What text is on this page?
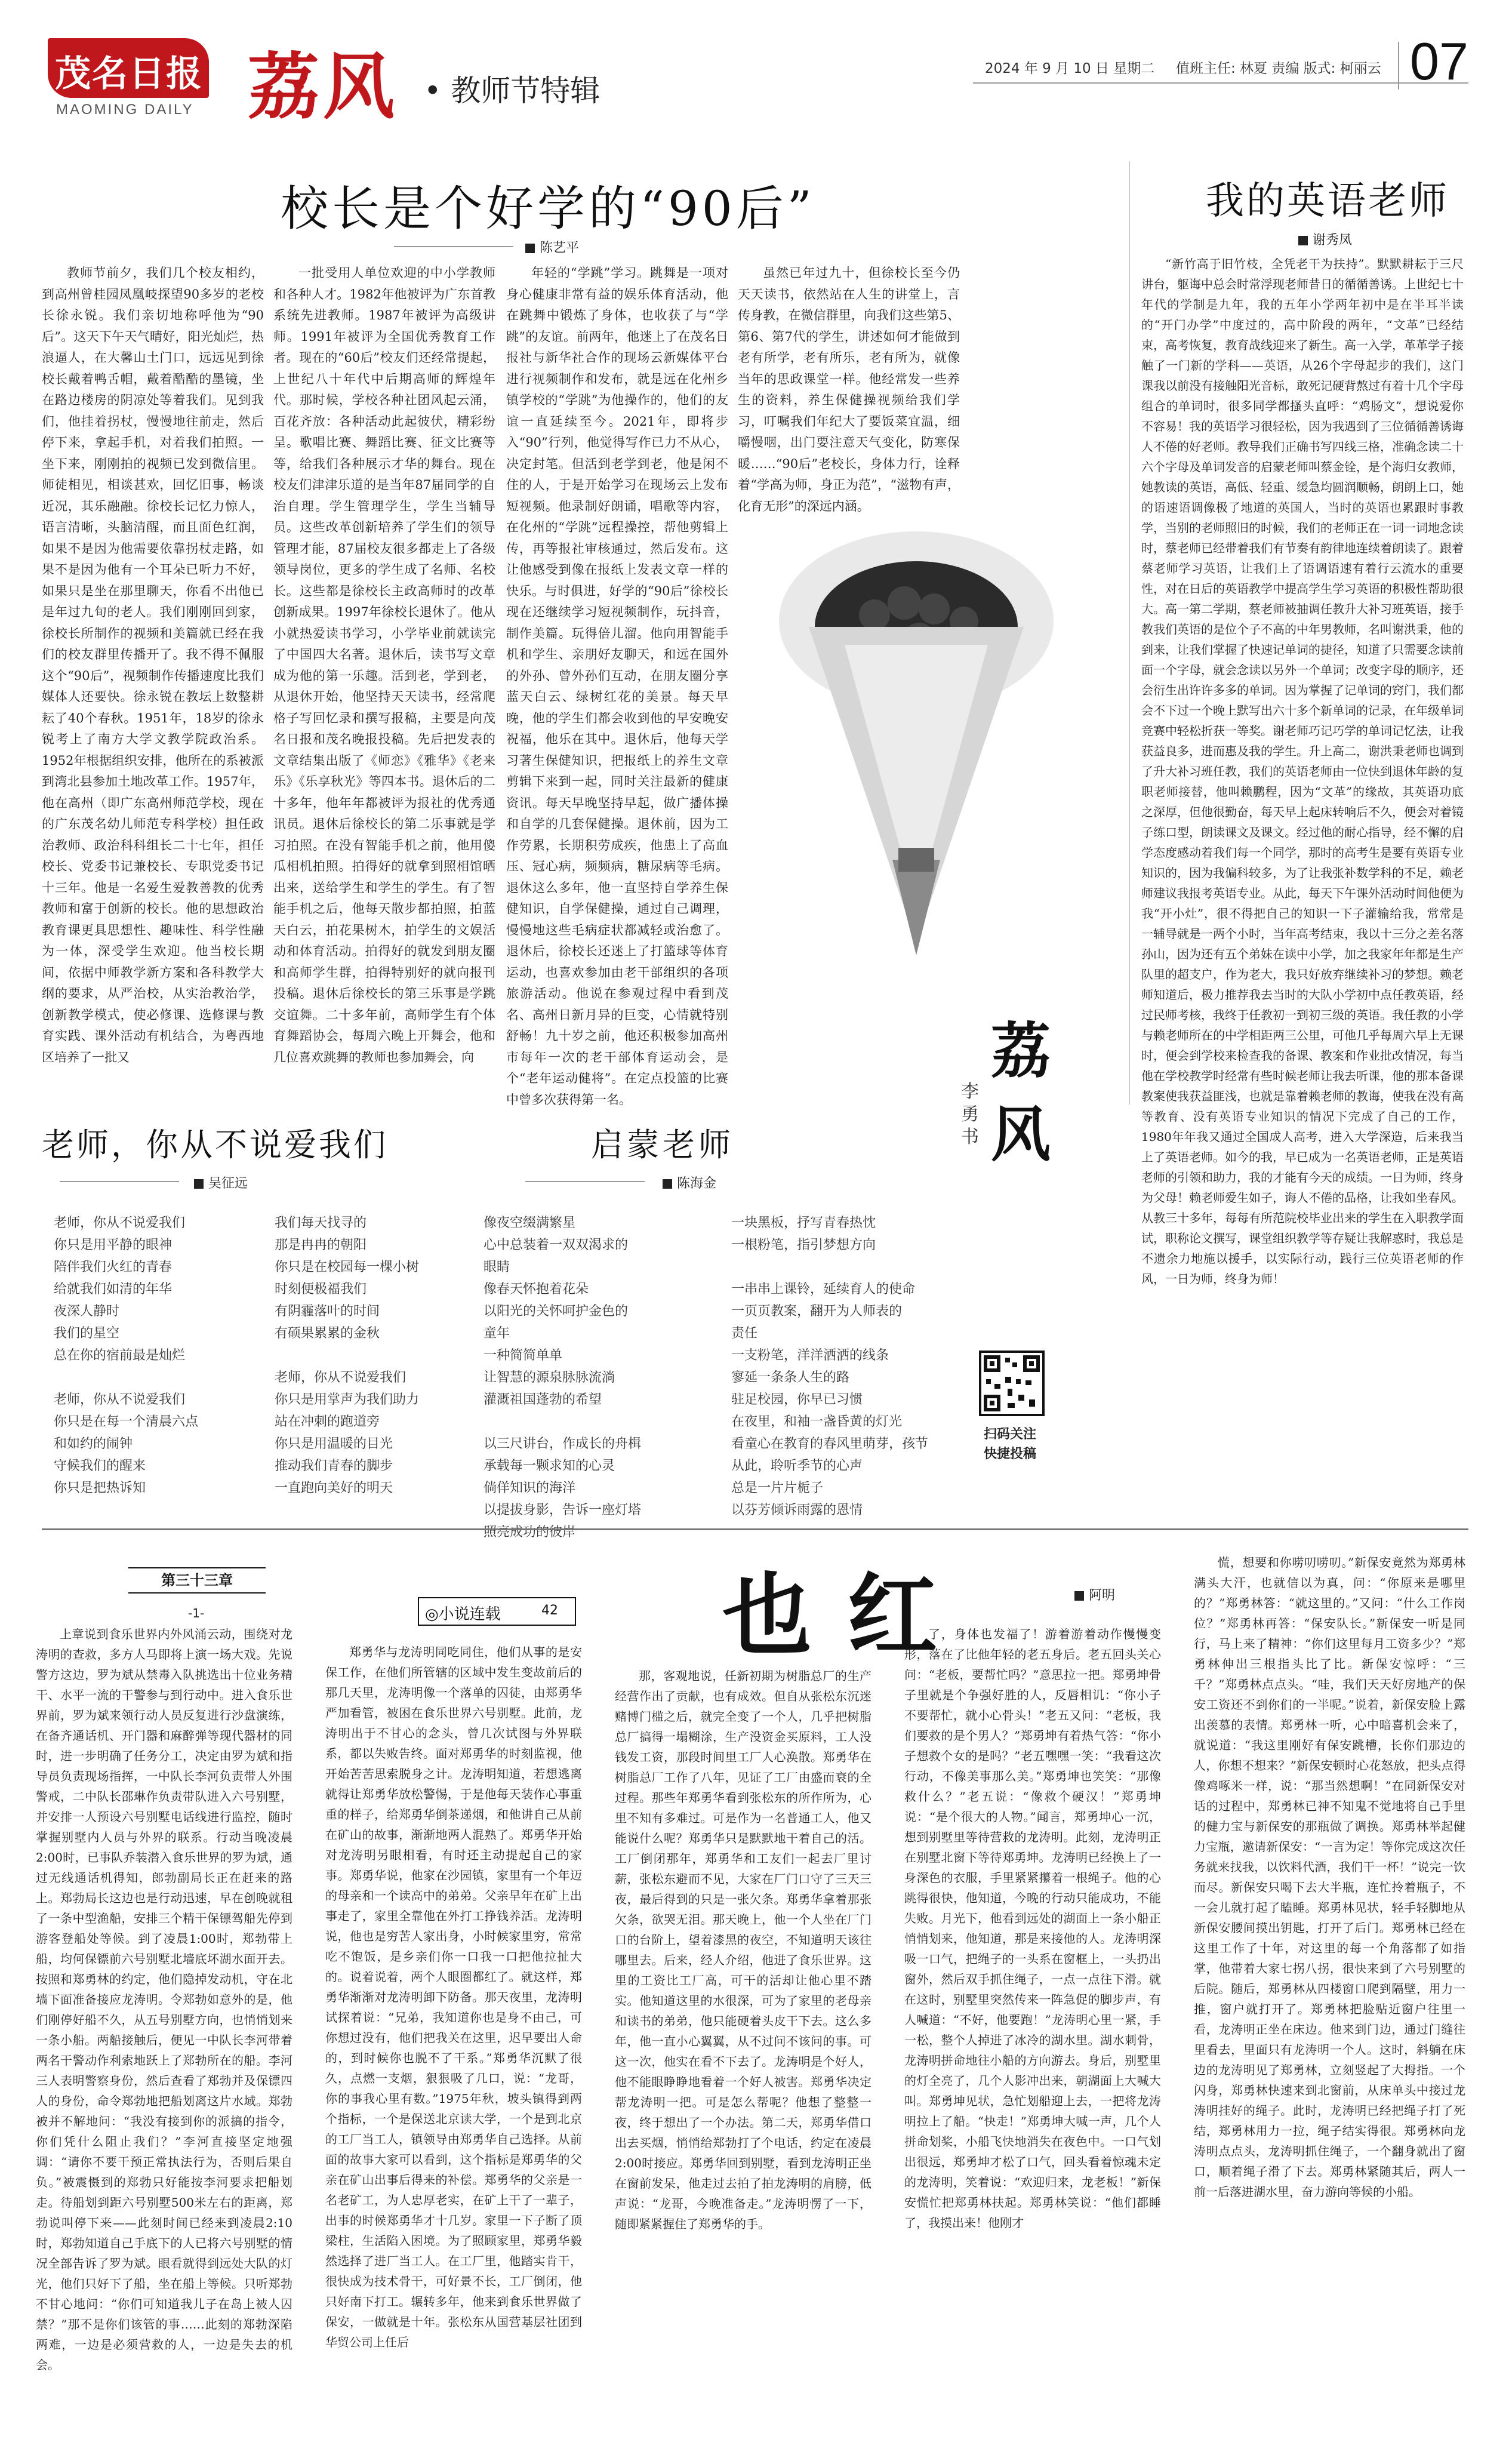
茂名日报
MAOMING DAILY 荔风 • 教师节特辑
2024 年 9 月 10 日 星期二 值班主任: 林夏 责编 版式: 柯丽云 07
校长是个好学的“90后”
陈艺平
教师节前夕，我们几个校友相约，到高州曾桂园凤凰岐探望90多岁的老校长徐永锐。我们亲切地称呼他为“90后”。这天下午天气晴好，阳光灿烂，热浪逼人，在大馨山土门口，远远见到徐校长戴着鸭舌帽，戴着酷酷的墨镜，坐在路边楼房的阴凉处等着我们。见到我们，他挂着拐杖，慢慢地往前走，然后停下来，拿起手机，对着我们拍照。一坐下来，刚刚拍的视频已发到微信里。师徒相见，相谈甚欢，回忆旧事，畅谈近况，其乐融融。徐校长记忆力惊人，语言清晰，头脑清醒，而且面色红润，如果不是因为他需要依靠拐杖走路，如果不是因为他有一个耳朵已听力不好，如果只是坐在那里聊天，你看不出他已是年过九旬的老人。我们刚刚回到家，徐校长所制作的视频和美篇就已经在我们的校友群里传播开了。我不得不佩服这个“90后”，视频制作传播速度比我们媒体人还要快。徐永锐在教坛上数整耕耘了40个春秋。1951年，18岁的徐永锐考上了南方大学文教学院政治系。1952年根据组织安排，他所在的系被派到湾北县参加土地改革工作。1957年，他在高州（即广东高州师范学校，现在的广东茂名幼儿师范专科学校）担任政治教师、政治科科组长二十七年，担任校长、党委书记兼校长、专职党委书记十三年。他是一名爱生爱教善教的优秀教师和富于创新的校长。他的思想政治教育课更具思想性、趣味性、科学性融为一体，深受学生欢迎。他当校长期间，依据中师教学新方案和各科教学大纲的要求，从严治校，从实治教治学，创新教学模式，使必修课、选修课与教育实践、课外活动有机结合，为粤西地区培养了一批又
一批受用人单位欢迎的中小学教师和各种人才。1982年他被评为广东首教系统先进教师。1987年被评为高级讲师。1991年被评为全国优秀教育工作者。现在的“60后”校友们还经常提起，上世纪八十年代中后期高师的辉煌年代。那时候，学校各种社团风起云涌，百花齐放：各种活动此起彼伏，精彩纷呈。歌唱比赛、舞蹈比赛、征文比赛等等，给我们各种展示才华的舞台。现在校友们津津乐道的是当年87届同学的自治自理。学生管理学生，学生当辅导员。这些改革创新培养了学生们的领导管理才能，87届校友很多都走上了各级领导岗位，更多的学生成了名师、名校长。这些都是徐校长主政高师时的改革创新成果。1997年徐校长退休了。他从小就热爱读书学习，小学毕业前就读完了中国四大名著。退休后，读书写文章成为他的第一乐趣。活到老，学到老，从退休开始，他坚持天天读书，经常爬格子写回忆录和撰写报稿，主要是向茂名日报和茂名晚报投稿。先后把发表的文章结集出版了《师恋》《雅华》《老来乐》《乐享秋光》等四本书。退休后的二十多年，他年年都被评为报社的优秀通讯员。退休后徐校长的第二乐事就是学习拍照。在没有智能手机之前，他用傻瓜相机拍照。拍得好的就拿到照相馆晒出来，送给学生和学生的学生。有了智能手机之后，他每天散步都拍照，拍蓝天白云，拍花果树木，拍学生的文娱活动和体育活动。拍得好的就发到朋友圈和高师学生群，拍得特别好的就向报刊投稿。退休后徐校长的第三乐事是学跳交谊舞。二十多年前，高师学生有个体育舞蹈协会，每周六晚上开舞会，他和几位喜欢跳舞的教师也参加舞会，向
年轻的“学跳”学习。跳舞是一项对身心健康非常有益的娱乐体育活动，他在跳舞中锻炼了身体，也收获了与“学跳”的友谊。前两年，他迷上了在茂名日报社与新华社合作的现场云新媒体平台进行视频制作和发布，就是远在化州乡镇学校的“学跳”为他操作的，他们的友谊一直延续至今。2021年，即将步入“90”行列，他觉得写作已力不从心，决定封笔。但活到老学到老，他是闲不住的人，于是开始学习在现场云上发布短视频。他录制好朗诵，唱歌等内容，在化州的“学跳”远程操控，帮他剪辑上传，再等报社审核通过，然后发布。这让他感受到像在报纸上发表文章一样的快乐。与时俱进，好学的“90后”徐校长现在还继续学习短视频制作，玩抖音，制作美篇。玩得倍儿溜。他向用智能手机和学生、亲朋好友聊天，和远在国外的外孙、曾外孙们互动，在朋友圈分享蓝天白云、绿树红花的美景。每天早晚，他的学生们都会收到他的早安晚安祝福，他乐在其中。退休后，他每天学习著生保健知识，把报纸上的养生文章剪辑下来到一起，同时关注最新的健康资讯。每天早晚坚持早起，做广播体操和自学的几套保健操。退休前，因为工作劳累，长期积劳成疾，他患上了高血压、冠心病，频频病，糖尿病等毛病。退休这么多年，他一直坚持自学养生保健知识，自学保健操，通过自己调理，慢慢地这些毛病症状都减轻或治愈了。退休后，徐校长还迷上了打篮球等体育运动，也喜欢参加由老干部组织的各项旅游活动。他说在参观过程中看到茂名、高州日新月异的巨变，心情就特别舒畅！九十岁之前，他还积极参加高州市每年一次的老干部体育运动会，是个“老年运动健将”。在定点投篮的比赛中曾多次获得第一名。
虽然已年过九十，但徐校长至今仍天天读书，依然站在人生的讲堂上，言传身教，在微信群里，向我们这些第5、第6、第7代的学生，讲述如何才能做到老有所学，老有所乐，老有所为，就像当年的思政课堂一样。他经常发一些养生的资料，养生保健操视频给我们学习，叮嘱我们年纪大了要饭菜宜温，细嚼慢咽，出门要注意天气变化，防寒保暖……“90后”老校长，身体力行，诠释着“学高为师，身正为范”，“滋物有声，化育无形”的深远内涵。
荔风
李勇 书
扫码关注
快捷投稿
我的英语老师
谢秀凤
“新竹高于旧竹枝，全凭老干为扶持”。默默耕耘于三尺讲台，躯诲中总会时常浮现老师昔日的循循善诱。上世纪七十年代的学制是九年，我的五年小学两年初中是在半耳半读的“开门办学”中度过的，高中阶段的两年，“文革”已经结束，高考恢复，教育战线迎来了新生。高一入学，革革学子接触了一门新的学科——英语，从26个字母起步的我们，这门课我以前没有接触阳光音标，敢死记硬背熬过有着十几个字母组合的单词时，很多同学都搔头直呼：“鸡肠文”，想说爱你不容易！我的英语学习很轻松，因为我遇到了三位循循善诱诲人不倦的好老师。教导我们正确书写四线三格，准确念读二十六个字母及单词发音的启蒙老师叫蔡金铨，是个海归女教师，她教读的英语，高低、轻重、缓急均圆润顺畅，朗朗上口，她的语速语调像极了地道的英国人，当时的英语也累跟时事教学，当别的老师照旧的时候，我们的老师正在一词一词地念读时，蔡老师已经带着我们有节奏有韵律地连续着朗读了。跟着蔡老师学习英语，让我们上了语调语速有着行云流水的重要性，对在日后的英语教学中提高学生学习英语的积极性帮助很大。高一第二学期，蔡老师被抽调任教升大补习班英语，接手教我们英语的是位个子不高的中年男教师，名叫谢洪秉，他的到来，让我们掌握了快速记单词的捷径，知道了只需要念读前面一个字母，就会念读以另外一个单词；改变字母的顺序，还会衍生出许许多多的单词。因为掌握了记单词的窍门，我们都会不下过一个晚上默写出六十多个新单词的记录，在年级单词竞赛中轻松折获一等奖。谢老师巧记巧学的单词记忆法，让我获益良多，进而惠及我的学生。升上高二，谢洪秉老师也调到了升大补习班任教，我们的英语老师由一位快到退休年龄的复职老师接替，他叫赖鹏程，因为“文革”的缘故，其英语功底之深厚，但他很勤奋，每天早上起床转响后不久，便会对着镜子练口型，朗读课文及课文。经过他的耐心指导，经不懈的启学态度感动着我们每一个同学，那时的高考生是要有英语专业知识的，因为我偏科较多，为了让我张补数学科的不足，赖老师建议我报考英语专业。从此，每天下午课外活动时间他便为我“开小灶”，很不得把自己的知识一下子灌输给我，常常是一辅导就是一两个小时，当年高考结束，我以十三分之差名落孙山，因为还有五个弟妹在读中小学，加之我家年年都是生产队里的超支户，作为老大，我只好放弃继续补习的梦想。赖老师知道后，极力推荐我去当时的大队小学初中点任教英语，经过民师考核，我终于任教初一到初三级的英语。我任教的小学与赖老师所在的中学相距两三公里，可他几乎每周六早上无课时，便会到学校来检查我的备课、教案和作业批改情况，每当他在学校教学时经常有些时候老师让我去听课，他的那本备课教案使我获益匪浅，也就是靠着赖老师的教诲，使我在没有高等教育、没有英语专业知识的情况下完成了自己的工作，1980年年我又通过全国成人高考，进入大学深造，后来我当上了英语老师。如今的我，早已成为一名英语老师，正是英语老师的引领和助力，我的才能有今天的成绩。一日为师，终身为父母！赖老师爱生如子，诲人不倦的品格，让我如坐春风。从教三十多年，每每有所范院校毕业出来的学生在入职教学面试，职称论文撰写，课堂组织教学等存疑让我解惑时，我总是不遗余力地施以援手，以实际行动，践行三位英语老师的作风，一日为师，终身为师！
老师，你从不说爱我们
吴征远
老师，你从不说爱我们
你只是用平静的眼神
陪伴我们火红的青春
给就我们如清的年华
夜深人静时
我们的星空
总在你的宿前最是灿烂

老师，你从不说爱我们
你只是在每一个清晨六点
和如约的闹钟
守候我们的醒来
你只是把热诉知
我们每天找寻的
那是冉冉的朝阳
你只是在校园每一棵小树
时刻便极福我们
有阴霾落叶的时间
有硕果累累的金秋

老师，你从不说爱我们
你只是用掌声为我们助力
站在冲刺的跑道旁
你只是用温暖的目光
推动我们青春的脚步
一直跑向美好的明天
启蒙老师
陈海金
像夜空缀满繁星
心中总装着一双双渴求的
眼睛
像春天怀抱着花朵
以阳光的关怀呵护金色的
童年
一种简简单单
让智慧的源泉脉脉流淌
灌溉祖国蓬勃的希望

以三尺讲台，作成长的舟楫
承载每一颗求知的心灵
倘佯知识的海洋
以提拔身影，告诉一座灯塔
照亮成功的彼岸
一块黑板，抒写青春热忱
一根粉笔，指引梦想方向

一串串上课铃，延续育人的使命
一页页教案，翻开为人师表的
责任
一支粉笔，洋洋洒洒的线条
寥延一条条人生的路
驻足校园，你早已习惯
在夜里，和袖一盏昏黄的灯光
看童心在教育的春风里萌芽，孩节
从此，聆听季节的心声
总是一片片栀子
以芬芳倾诉雨露的恩情
第三十三章
-1-	◎小说连载	42 也红	阿明
上章说到食乐世界内外风涌云动，围绕对龙涛明的查救，多方人马即将上演一场大戏。先说警方这边，罗为斌从禁毒入队挑选出十位业务精干、水平一流的干警参与到行动中。进入食乐世界前，罗为斌来领行动人员反复进行沙盘演练，在备齐通话机、开门器和麻醉弹等现代器材的同时，进一步明确了任务分工，决定由罗为斌和指导员负责现场指挥，一中队长李河负责带人外围警戒，二中队长邵琳作负责带队进入六号别墅，并安排一人预设六号别墅电话线进行监控，随时掌握别墅内人员与外界的联系。行动当晚凌晨2:00时，已事队乔装潜入食乐世界的罗为斌，通过无线通话机得知，郎勃副局长正在赶来的路上。郑勃局长这边也是行动迅速，早在创晚就租了一条中型渔船，安排三个精干保镖驾船先停到游客登船处等候。到了凌晨1:00时，郑勃带上船，均何保镖前六号别墅北墙底坏湖水面开去。按照和郑勇林的约定，他们隐掉发动机，守在北墙下面准备接应龙涛明。令郑勃如意外的是，他们刚停好船不久，从五号别墅方向，也悄悄划来一条小船。两船接触后，便见一中队长李河带着两名干警动作利索地跃上了郑勃所在的船。李河三人表明警察身份，然后查看了郑勃并及保镖四人的身份，命令郑勃地把船划离这片水域。郑勃被并不解地问：“我没有接到你的派搞的指令，你们凭什么阻止我们？”李河直接坚定地强调：“请你不要干预正常执法行为，否则后果自负。”被震慑到的郑勃只好能按李河要求把船划走。待船划到距六号别墅500米左右的距离，郑勃说叫停下来——此刻时间已经来到凌晨2:10时，郑勃知道自己手底下的人已将六号别墅的情况全部告诉了罗为斌。眼看就得到远处大队的灯光，他们只好下了船，坐在船上等候。只听郑勃不甘心地问：“你们可知道我儿子在岛上被人囚禁？”那不是你们该管的事……此刻的郑勃深陷两难，一边是必须营救的人，一边是失去的机会。
郑勇华与龙涛明同吃同住，他们从事的是安保工作，在他们所管辖的区域中发生变故前后的那几天里，龙涛明像一个落单的囚徒，由郑勇华严加看管，被困在食乐世界六号别墅。此前，龙涛明出于不甘心的念头，曾几次试图与外界联系，都以失败告终。面对郑勇华的时刻监视，他开始苦苦思索脱身之计。龙涛明知道，若想逃离就得让郑勇华放松警惕，于是他每天装作心事重重的样子，给郑勇华倒茶递烟，和他讲自己从前在矿山的故事，渐渐地两人混熟了。郑勇华开始对龙涛明另眼相看，有时还主动提起自己的家事。郑勇华说，他家在沙园镇，家里有一个年迈的母亲和一个读高中的弟弟。父亲早年在矿上出事走了，家里全靠他在外打工挣钱养活。龙涛明说，他也是穷苦人家出身，小时候家里穷，常常吃不饱饭，是乡亲们你一口我一口把他拉扯大的。说着说着，两个人眼圈都红了。就这样，郑勇华渐渐对龙涛明卸下防备。那天夜里，龙涛明试探着说：“兄弟，我知道你也是身不由己，可你想过没有，他们把我关在这里，迟早要出人命的，到时候你也脱不了干系。”郑勇华沉默了很久，点燃一支烟，狠狠吸了几口，说：“龙哥，你的事我心里有数。”1975年秋，坡头镇得到两个指标，一个是保送北京读大学，一个是到北京的工厂当工人，镇领导由郑勇华自己选择。从前面的故事大家可以看到，这个指标是郑勇华的父亲在矿山出事后得来的补偿。郑勇华的父亲是一名老矿工，为人忠厚老实，在矿上干了一辈子，出事的时候郑勇华才十几岁。家里一下子断了顶梁柱，生活陷入困境。为了照顾家里，郑勇华毅然选择了进厂当工人。在工厂里，他踏实肯干，很快成为技术骨干，可好景不长，工厂倒闭，他只好南下打工。辗转多年，他来到食乐世界做了保安，一做就是十年。张松东从国营基层社团到华贸公司上任后
那，客观地说，任新初期为树脂总厂的生产经营作出了贡献，也有成效。但自从张松东沉迷赌博门槛之后，就完全变了一个人，几乎把树脂总厂搞得一塌糊涂，生产没资金买原料，工人没钱发工资，那段时间里工厂人心涣散。郑勇华在树脂总厂工作了八年，见证了工厂由盛而衰的全过程。那些年郑勇华看到张松东的所作所为，心里不知有多难过。可是作为一名普通工人，他又能说什么呢？郑勇华只是默默地干着自己的活。工厂倒闭那年，郑勇华和工友们一起去厂里讨薪，张松东避而不见，大家在厂门口守了三天三夜，最后得到的只是一张欠条。郑勇华拿着那张欠条，欲哭无泪。那天晚上，他一个人坐在厂门口的台阶上，望着漆黑的夜空，不知道明天该往哪里去。后来，经人介绍，他进了食乐世界。这里的工资比工厂高，可干的活却让他心里不踏实。他知道这里的水很深，可为了家里的老母亲和读书的弟弟，他只能硬着头皮干下去。这么多年，他一直小心翼翼，从不过问不该问的事。可这一次，他实在看不下去了。龙涛明是个好人，他不能眼睁睁地看着一个好人被害。郑勇华决定帮龙涛明一把。可是怎么帮呢？他想了整整一夜，终于想出了一个办法。第二天，郑勇华借口出去买烟，悄悄给郑勃打了个电话，约定在凌晨2:00时接应。郑勇华回到别墅，看到龙涛明正坐在窗前发呆，他走过去拍了拍龙涛明的肩膀，低声说：“龙哥，今晚准备走。”龙涛明愣了一下，随即紧紧握住了郑勇华的手。
了，身体也发福了！游着游着动作慢慢变形，落在了比他年轻的老五身后。老五回头关心问：“老板，要帮忙吗？”意思拉一把。郑勇坤骨子里就是个争强好胜的人，反唇相讥：“你小子不要帮忙，就小心骨头！”老五又问：“老板，我们要救的是个男人？”郑勇坤有着热气答：“你小子想救个女的是吗？”老五嘿嘿一笑：“我看这次行动，不像美事那么美。”郑勇坤也笑笑：“那像救什么？”老五说：“像救个硬汉！”郑勇坤说：“是个很大的人物。”闻言，郑勇坤心一沉，想到别墅里等待营救的龙涛明。此刻，龙涛明正在别墅北窗下等待郑勇坤。龙涛明已经换上了一身深色的衣服，手里紧紧攥着一根绳子。他的心跳得很快，他知道，今晚的行动只能成功，不能失败。月光下，他看到远处的湖面上一条小船正悄悄划来，他知道，那是来接他的人。龙涛明深吸一口气，把绳子的一头系在窗框上，一头扔出窗外，然后双手抓住绳子，一点一点往下滑。就在这时，别墅里突然传来一阵急促的脚步声，有人喊道：“不好，他要跑！”龙涛明心里一紧，手一松，整个人掉进了冰冷的湖水里。湖水刺骨，龙涛明拼命地往小船的方向游去。身后，别墅里的灯全亮了，几个人影冲出来，朝湖面上大喊大叫。郑勇坤见状，急忙划船迎上去，一把将龙涛明拉上了船。“快走！”郑勇坤大喊一声，几个人拼命划桨，小船飞快地消失在夜色中。一口气划出很远，郑勇坤才松了口气，回头看着惊魂未定的龙涛明，笑着说：“欢迎归来，龙老板！”新保安慌忙把郑勇林扶起。郑勇林笑说：“他们都睡了，我摸出来！他刚才
慌，想要和你唠叨唠叨。”新保安竟然为郑勇林满头大汗，也就信以为真，问：“你原来是哪里的？”郑勇林答：“就这里的。”又问：“什么工作岗位？”郑勇林再答：“保安队长。”新保安一听是同行，马上来了精神：“你们这里每月工资多少？”郑勇林伸出三根指头比了比。新保安惊呼：“三千？”郑勇林点点头。“哇，我们天天好房地产的保安工资还不到你们的一半呢。”说着，新保安脸上露出羡慕的表情。郑勇林一听，心中暗喜机会来了，就说道：“我这里刚好有保安跳槽，长你们那边的人，你想不想来？”新保安顿时心花怒放，把头点得像鸡啄米一样，说：“那当然想啊！”在同新保安对话的过程中，郑勇林已神不知鬼不觉地将自己手里的健力宝与新保安的那瓶做了调换。郑勇林举起健力宝瓶，邀请新保安：“一言为定！等你完成这次任务就来找我，以饮料代酒，我们干一杯！”说完一饮而尽。新保安只喝下去大半瓶，连忙拎着瓶子，不一会儿就打起了瞌睡。郑勇林见状，轻手轻脚地从新保安腰间摸出钥匙，打开了后门。郑勇林已经在这里工作了十年，对这里的每一个角落都了如指掌，他带着大家七拐八拐，很快来到了六号别墅的后院。随后，郑勇林从四楼窗口爬到隔壁，用力一推，窗户就打开了。郑勇林把脸贴近窗户往里一看，龙涛明正坐在床边。他来到门边，通过门缝往里看去，里面只有龙涛明一个人。这时，斜躺在床边的龙涛明见了郑勇林，立刻竖起了大拇指。一个闪身，郑勇林快速来到北窗前，从床单头中接过龙涛明挂好的绳子。此时，龙涛明已经把绳子打了死结，郑勇林用力一拉，绳子结实得很。郑勇林向龙涛明点点头，龙涛明抓住绳子，一个翻身就出了窗口，顺着绳子滑了下去。郑勇林紧随其后，两人一前一后落进湖水里，奋力游向等候的小船。
